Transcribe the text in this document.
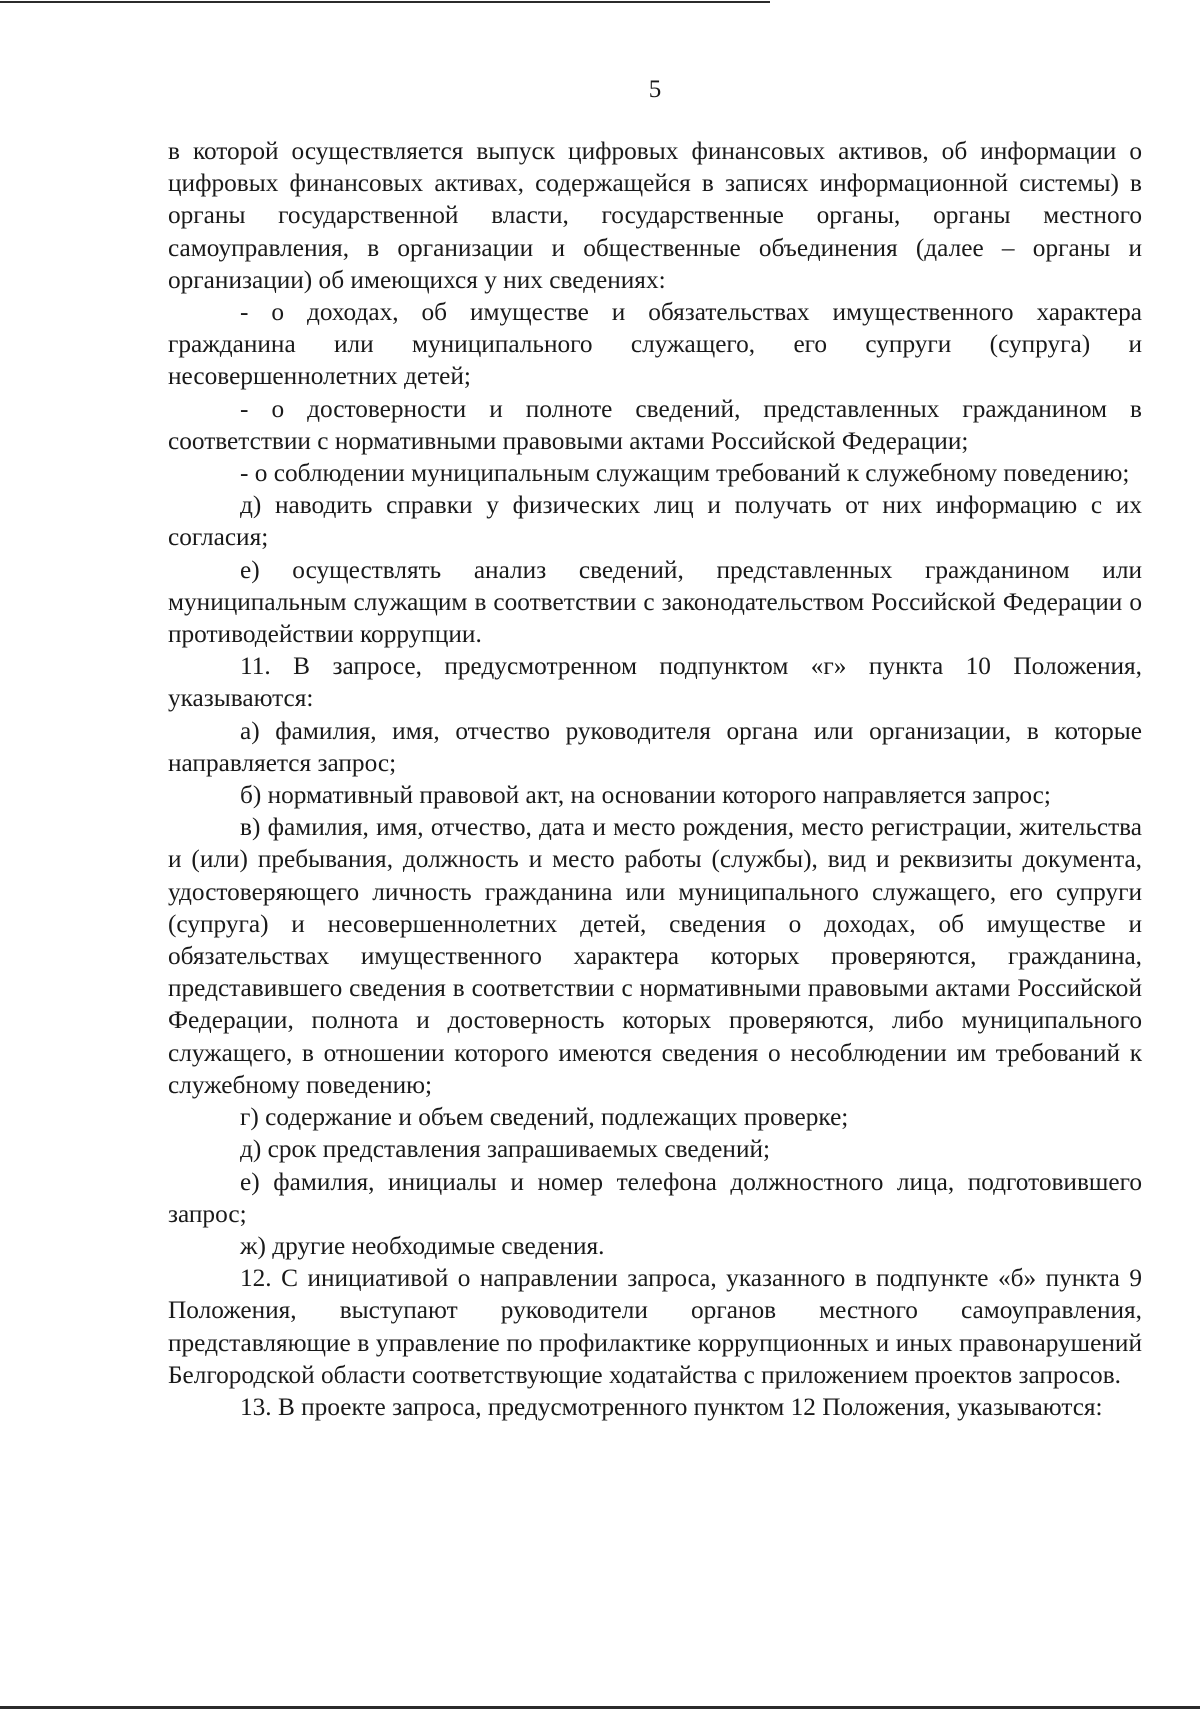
5

в которой осуществляется выпуск цифровых финансовых активов, об информации о цифровых финансовых активах, содержащейся в записях информационной системы) в органы государственной власти, государственные органы, органы местного самоуправления, в организации и общественные объединения (далее – органы и организации) об имеющихся у них сведениях:

- о доходах, об имуществе и обязательствах имущественного характера гражданина или муниципального служащего, его супруги (супруга) и несовершеннолетних детей;

- о достоверности и полноте сведений, представленных гражданином в соответствии с нормативными правовыми актами Российской Федерации;

- о соблюдении муниципальным служащим требований к служебному поведению;

д) наводить справки у физических лиц и получать от них информацию с их согласия;

е) осуществлять анализ сведений, представленных гражданином или муниципальным служащим в соответствии с законодательством Российской Федерации о противодействии коррупции.

11. В запросе, предусмотренном подпунктом «г» пункта 10 Положения, указываются:

а) фамилия, имя, отчество руководителя органа или организации, в которые направляется запрос;

б) нормативный правовой акт, на основании которого направляется запрос;

в) фамилия, имя, отчество, дата и место рождения, место регистрации, жительства и (или) пребывания, должность и место работы (службы), вид и реквизиты документа, удостоверяющего личность гражданина или муниципального служащего, его супруги (супруга) и несовершеннолетних детей, сведения о доходах, об имуществе и обязательствах имущественного характера которых проверяются, гражданина, представившего сведения в соответствии с нормативными правовыми актами Российской Федерации, полнота и достоверность которых проверяются, либо муниципального служащего, в отношении которого имеются сведения о несоблюдении им требований к служебному поведению;

г) содержание и объем сведений, подлежащих проверке;

д) срок представления запрашиваемых сведений;

е) фамилия, инициалы и номер телефона должностного лица, подготовившего запрос;

ж) другие необходимые сведения.

12. С инициативой о направлении запроса, указанного в подпункте «б» пункта 9 Положения, выступают руководители органов местного самоуправления, представляющие в управление по профилактике коррупционных и иных правонарушений Белгородской области соответствующие ходатайства с приложением проектов запросов.

13. В проекте запроса, предусмотренного пунктом 12 Положения, указываются:
